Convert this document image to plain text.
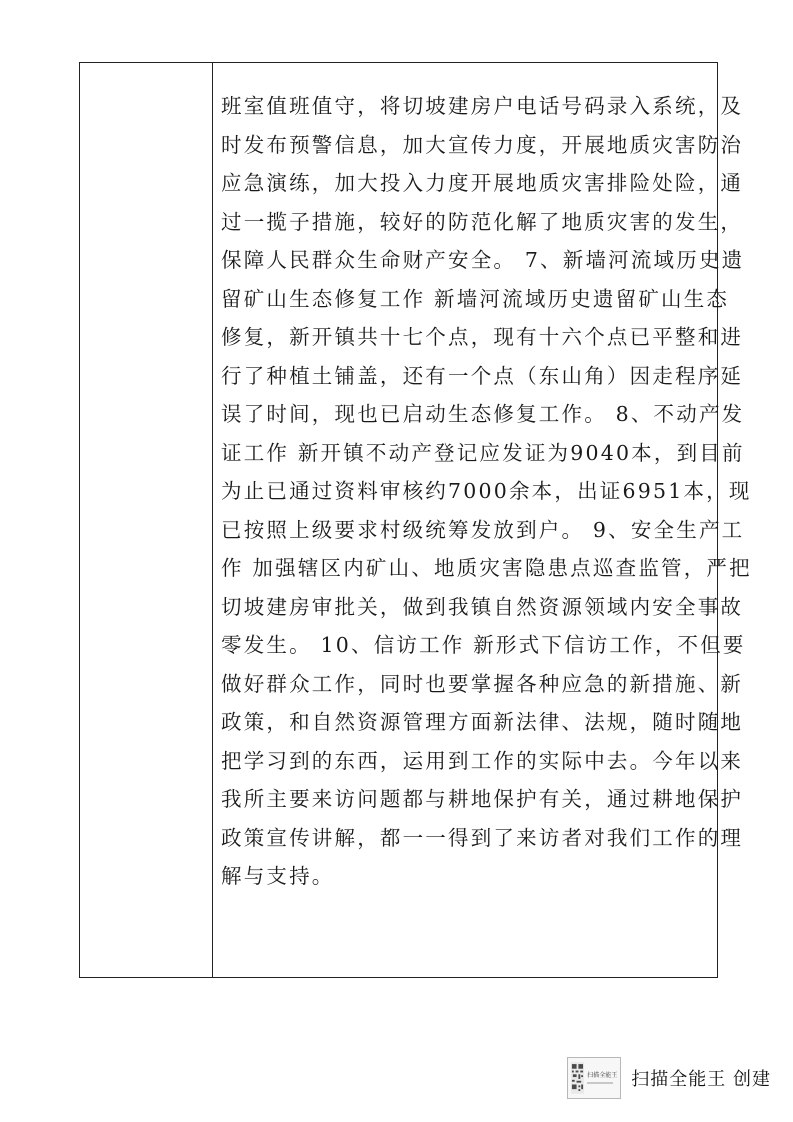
班室值班值守，将切坡建房户电话号码录入系统，及
时发布预警信息，加大宣传力度，开展地质灾害防治
应急演练，加大投入力度开展地质灾害排险处险，通
过一揽子措施，较好的防范化解了地质灾害的发生，
保障人民群众生命财产安全。 7、新墙河流域历史遗
留矿山生态修复工作 新墙河流域历史遗留矿山生态
修复，新开镇共十七个点，现有十六个点已平整和进
行了种植土铺盖，还有一个点（东山角）因走程序延
误了时间，现也已启动生态修复工作。 8、不动产发
证工作 新开镇不动产登记应发证为9040本，到目前
为止已通过资料审核约7000余本，出证6951本，现
已按照上级要求村级统筹发放到户。 9、安全生产工
作 加强辖区内矿山、地质灾害隐患点巡查监管，严把
切坡建房审批关，做到我镇自然资源领域内安全事故
零发生。 10、信访工作 新形式下信访工作，不但要
做好群众工作，同时也要掌握各种应急的新措施、新
政策，和自然资源管理方面新法律、法规，随时随地
把学习到的东西，运用到工作的实际中去。今年以来
我所主要来访问题都与耕地保护有关，通过耕地保护
政策宣传讲解，都一一得到了来访者对我们工作的理
解与支持。
扫描全能王 扫描全能王 创建
